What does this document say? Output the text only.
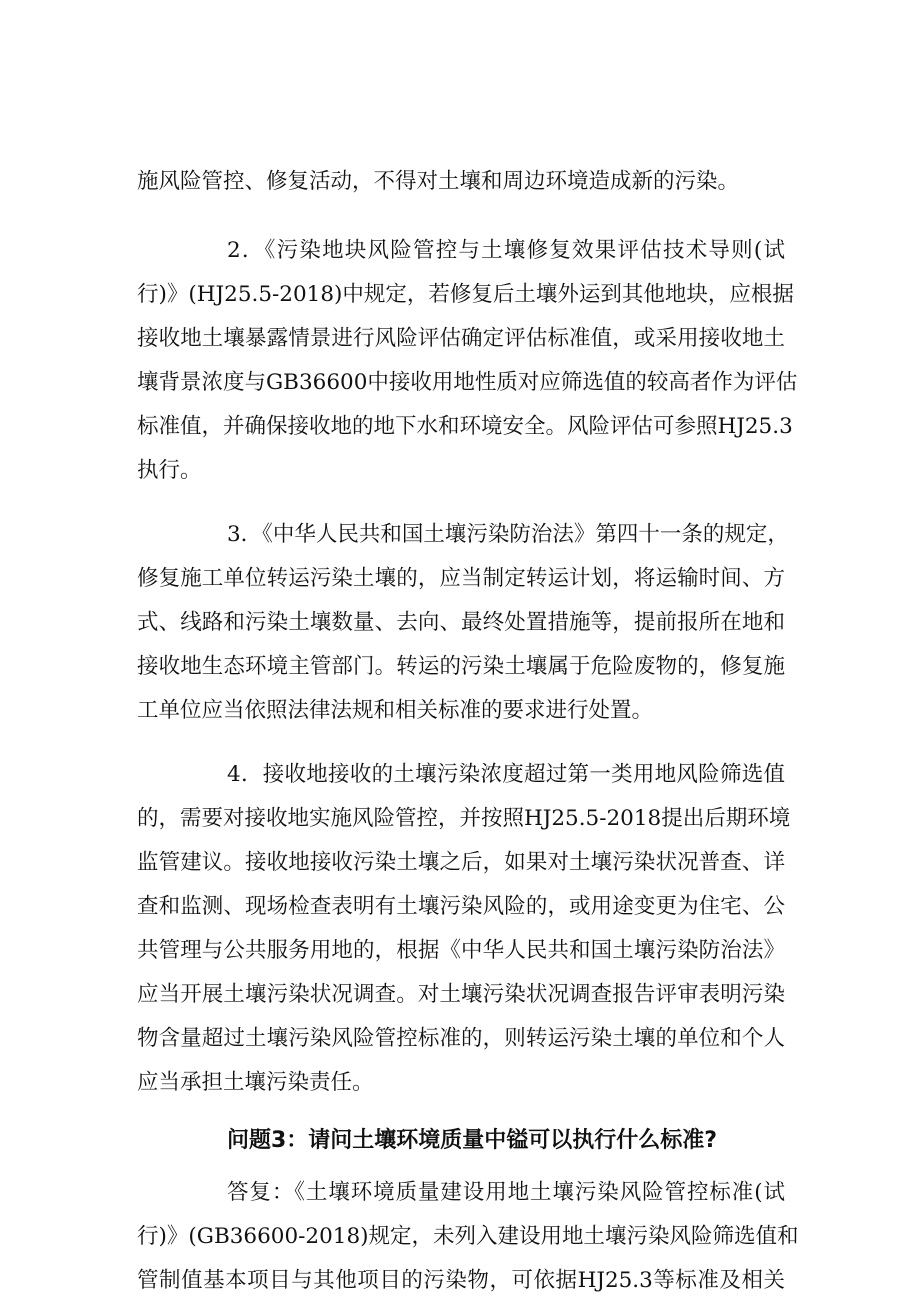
施风险管控、修复活动，不得对土壤和周边环境造成新的污染。
2．《污染地块风险管控与土壤修复效果评估技术导则(试
行)》(HJ25.5-2018)中规定，若修复后土壤外运到其他地块，应根据
接收地土壤暴露情景进行风险评估确定评估标准值，或采用接收地土
壤背景浓度与GB36600中接收用地性质对应筛选值的较高者作为评估
标准值，并确保接收地的地下水和环境安全。风险评估可参照HJ25.3
执行。
3．《中华人民共和国土壤污染防治法》第四十一条的规定，
修复施工单位转运污染土壤的，应当制定转运计划，将运输时间、方
式、线路和污染土壤数量、去向、最终处置措施等，提前报所在地和
接收地生态环境主管部门。转运的污染土壤属于危险废物的，修复施
工单位应当依照法律法规和相关标准的要求进行处置。
4．接收地接收的土壤污染浓度超过第一类用地风险筛选值
的，需要对接收地实施风险管控，并按照HJ25.5-2018提出后期环境
监管建议。接收地接收污染土壤之后，如果对土壤污染状况普查、详
查和监测、现场检查表明有土壤污染风险的，或用途变更为住宅、公
共管理与公共服务用地的，根据《中华人民共和国土壤污染防治法》
应当开展土壤污染状况调查。对土壤污染状况调查报告评审表明污染
物含量超过土壤污染风险管控标准的，则转运污染土壤的单位和个人
应当承担土壤污染责任。
问题3：请问土壤环境质量中镒可以执行什么标准?
答复：《土壤环境质量建设用地土壤污染风险管控标准(试
行)》(GB36600-2018)规定，未列入建设用地土壤污染风险筛选值和
管制值基本项目与其他项目的污染物，可依据HJ25.3等标准及相关
